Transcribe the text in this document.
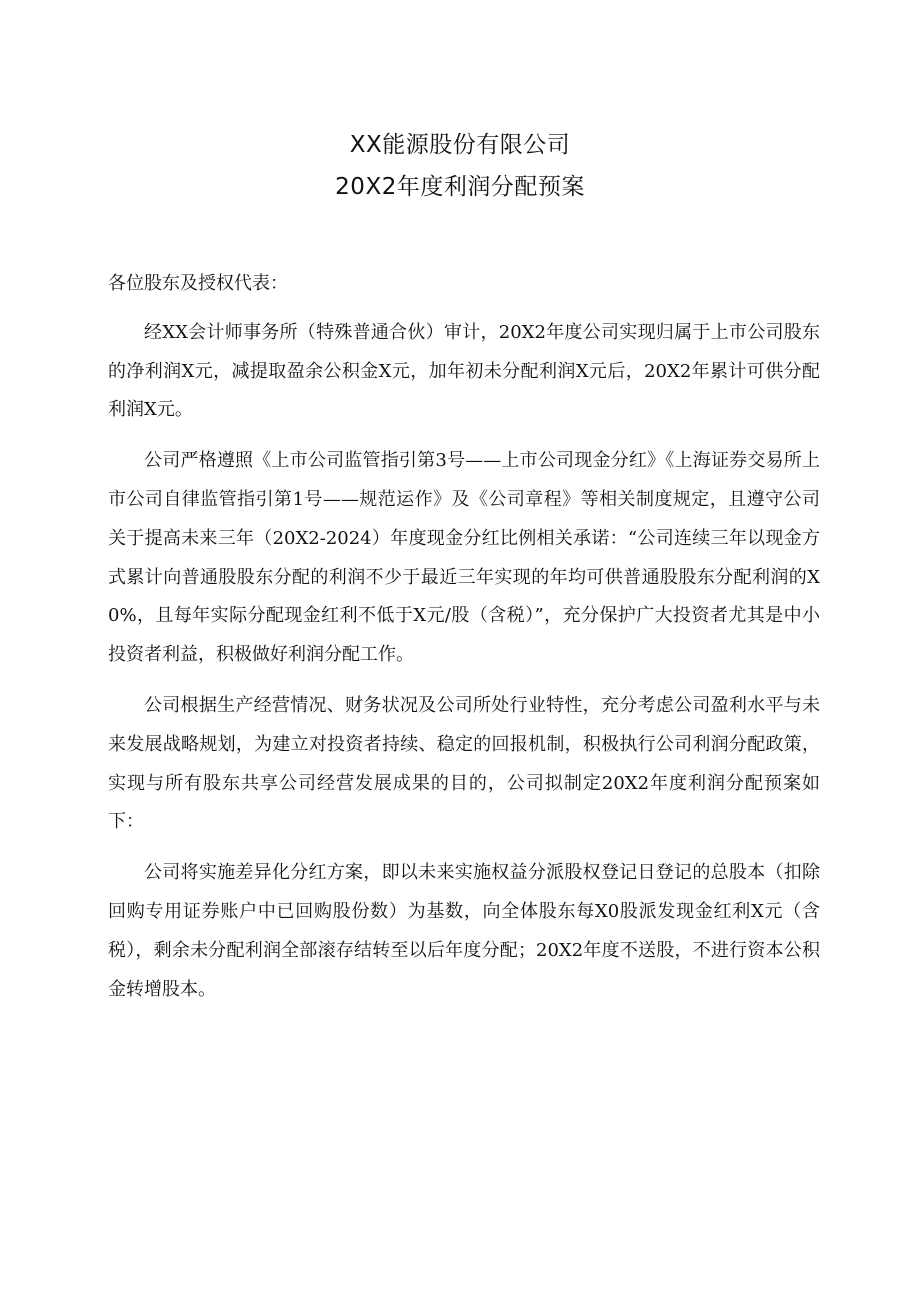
XX能源股份有限公司
20X2年度利润分配预案

各位股东及授权代表：

经XX会计师事务所（特殊普通合伙）审计，20X2年度公司实现归属于上市公司股东的净利润X元，减提取盈余公积金X元，加年初未分配利润X元后，20X2年累计可供分配利润X元。

公司严格遵照《上市公司监管指引第3号——上市公司现金分红》《上海证券交易所上市公司自律监管指引第1号——规范运作》及《公司章程》等相关制度规定，且遵守公司关于提高未来三年（20X2-2024）年度现金分红比例相关承诺：“公司连续三年以现金方式累计向普通股股东分配的利润不少于最近三年实现的年均可供普通股股东分配利润的X0%，且每年实际分配现金红利不低于X元/股（含税）”，充分保护广大投资者尤其是中小投资者利益，积极做好利润分配工作。

公司根据生产经营情况、财务状况及公司所处行业特性，充分考虑公司盈利水平与未来发展战略规划，为建立对投资者持续、稳定的回报机制，积极执行公司利润分配政策，实现与所有股东共享公司经营发展成果的目的，公司拟制定20X2年度利润分配预案如下：

公司将实施差异化分红方案，即以未来实施权益分派股权登记日登记的总股本（扣除回购专用证券账户中已回购股份数）为基数，向全体股东每X0股派发现金红利X元（含税），剩余未分配利润全部滚存结转至以后年度分配；20X2年度不送股，不进行资本公积金转增股本。
